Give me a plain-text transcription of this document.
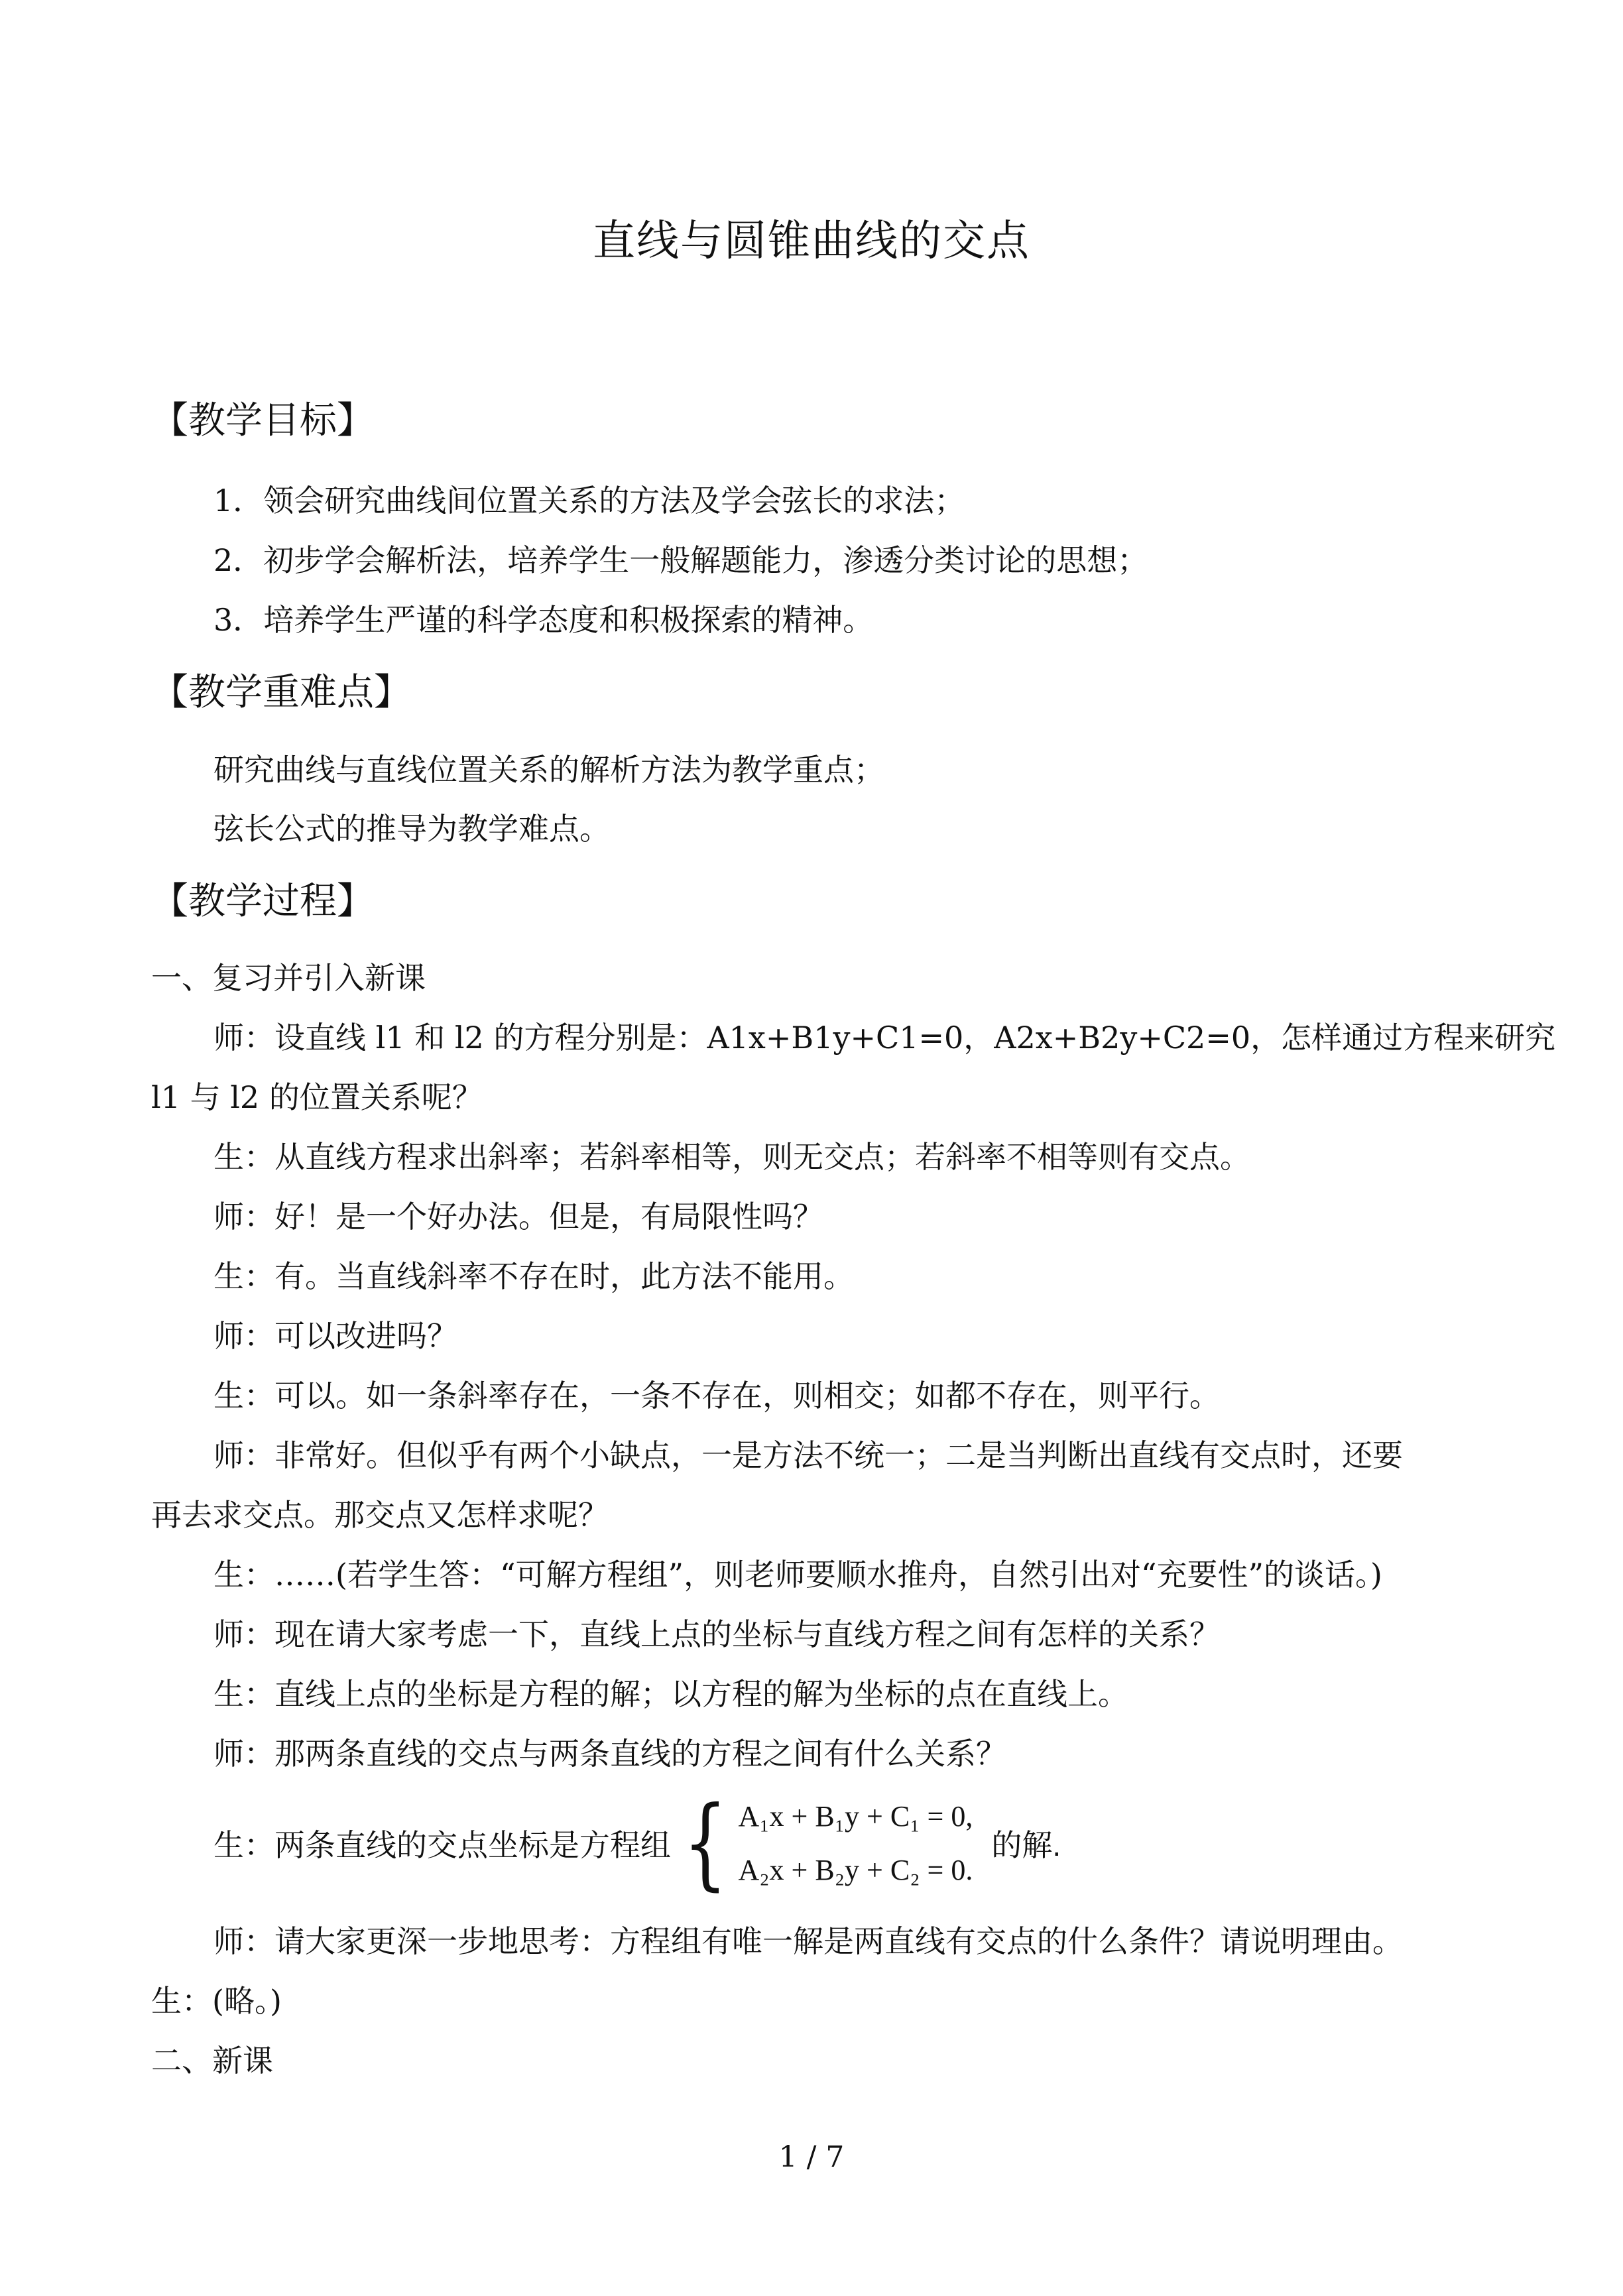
直线与圆锥曲线的交点
【教学目标】
1．领会研究曲线间位置关系的方法及学会弦长的求法；
2．初步学会解析法，培养学生一般解题能力，渗透分类讨论的思想；
3．培养学生严谨的科学态度和积极探索的精神。
【教学重难点】
研究曲线与直线位置关系的解析方法为教学重点；
弦长公式的推导为教学难点。
【教学过程】
一、复习并引入新课
师：设直线 l1 和 l2 的方程分别是：A1x+B1y+C1=0，A2x+B2y+C2=0，怎样通过方程来研究
l1 与 l2 的位置关系呢？
生：从直线方程求出斜率；若斜率相等，则无交点；若斜率不相等则有交点。
师：好！是一个好办法。但是，有局限性吗？
生：有。当直线斜率不存在时，此方法不能用。
师：可以改进吗？
生：可以。如一条斜率存在，一条不存在，则相交；如都不存在，则平行。
师：非常好。但似乎有两个小缺点，一是方法不统一；二是当判断出直线有交点时，还要
再去求交点。那交点又怎样求呢？
生：……(若学生答：“可解方程组”，则老师要顺水推舟，自然引出对“充要性”的谈话。)
师：现在请大家考虑一下，直线上点的坐标与直线方程之间有怎样的关系？
生：直线上点的坐标是方程的解；以方程的解为坐标的点在直线上。
师：那两条直线的交点与两条直线的方程之间有什么关系？
生：两条直线的交点坐标是方程组 { A₁x + B₁y + C₁ = 0,
A₂x + B₂y + C₂ = 0.
的解.
师：请大家更深一步地思考：方程组有唯一解是两直线有交点的什么条件？请说明理由。
生：(略。)
二、新课
1 / 7
